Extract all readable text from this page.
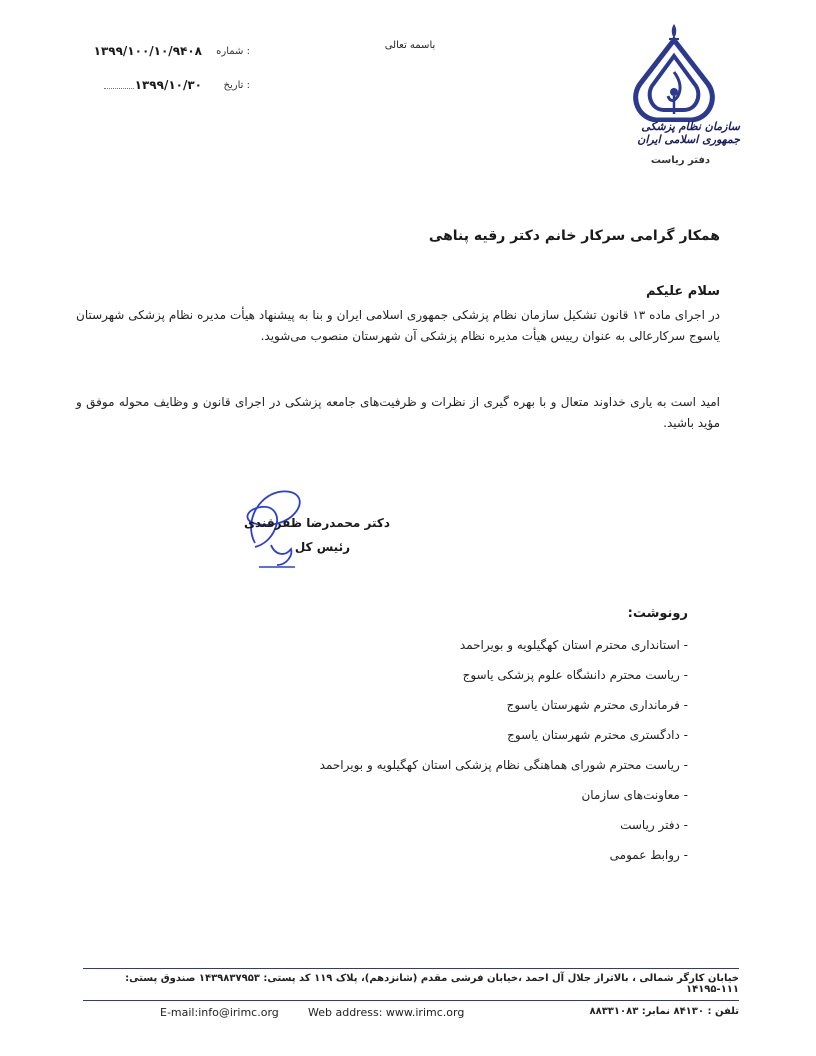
شماره :
۱۳۹۹/۱۰۰/۱۰/۹۴۰۸
تاریخ :
۱۳۹۹/۱۰/۳۰
باسمه تعالی
سازمان نظام پزشکی جمهوری اسلامی ایران
دفتر ریاست
همکار گرامی سرکار خانم دکتر رقیه پناهی
سلام علیکم
در اجرای ماده ۱۳ قانون تشکیل سازمان نظام پزشکی جمهوری اسلامی ایران و بنا به پیشنهاد هیأت مدیره نظام پزشکی شهرستان یاسوج سرکارعالی به عنوان رییس هیأت مدیره نظام پزشکی آن شهرستان منصوب می‌شوید.
امید است به یاری خداوند متعال و با بهره گیری از نظرات و ظرفیت‌های جامعه پزشکی در اجرای قانون و وظایف محوله موفق و مؤید باشید.
دکتر محمدرضا ظفرقندی
رئیس کل
رونوشت:
- استانداری محترم استان کهگیلویه و بویراحمد
- ریاست محترم دانشگاه علوم پزشکی یاسوج
- فرمانداری محترم شهرستان یاسوج
- دادگستری محترم شهرستان یاسوج
- ریاست محترم شورای هماهنگی نظام پزشکی استان کهگیلویه و بویراحمد
- معاونت‌های سازمان
- دفتر ریاست
- روابط عمومی
خیابان کارگر شمالی ، بالاتراز جلال آل احمد ،خیابان فرشی مقدم (شانزدهم)، پلاک ۱۱۹ کد پستی: ۱۴۳۹۸۳۷۹۵۳ صندوق پستی: ۱۱۱-۱۴۱۹۵
تلفن : ۸۴۱۳۰ نمابر: ۸۸۳۳۱۰۸۳
Web address: www.irimc.org
E-mail:info@irimc.org
